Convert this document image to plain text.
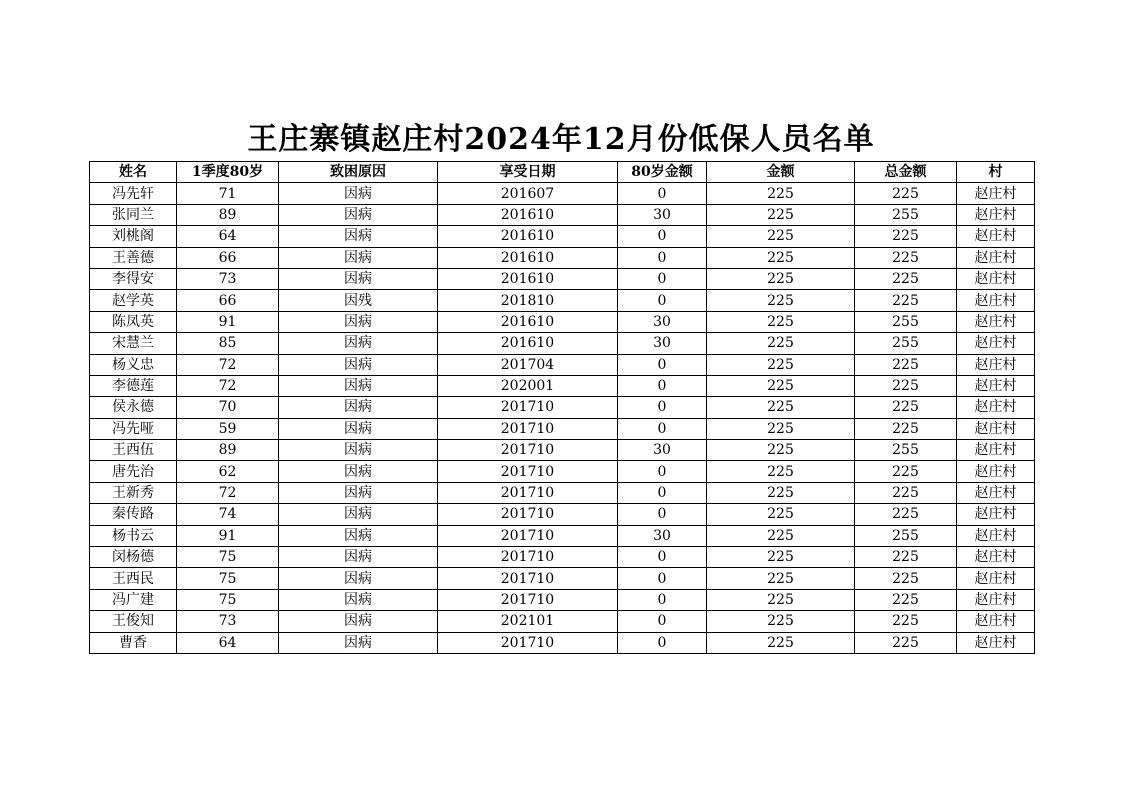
王庄寨镇赵庄村2024年12月份低保人员名单
姓名	1季度80岁	致困原因	享受日期	80岁金额	金额	总金额	村
冯先轩	71	因病	201607	0	225	225	赵庄村
张同兰	89	因病	201610	30	225	255	赵庄村
刘桃阁	64	因病	201610	0	225	225	赵庄村
王善德	66	因病	201610	0	225	225	赵庄村
李得安	73	因病	201610	0	225	225	赵庄村
赵学英	66	因残	201810	0	225	225	赵庄村
陈凤英	91	因病	201610	30	225	255	赵庄村
宋慧兰	85	因病	201610	30	225	255	赵庄村
杨义忠	72	因病	201704	0	225	225	赵庄村
李德莲	72	因病	202001	0	225	225	赵庄村
侯永德	70	因病	201710	0	225	225	赵庄村
冯先哑	59	因病	201710	0	225	225	赵庄村
王西伍	89	因病	201710	30	225	255	赵庄村
唐先治	62	因病	201710	0	225	225	赵庄村
王新秀	72	因病	201710	0	225	225	赵庄村
秦传路	74	因病	201710	0	225	225	赵庄村
杨书云	91	因病	201710	30	225	255	赵庄村
闵杨德	75	因病	201710	0	225	225	赵庄村
王西民	75	因病	201710	0	225	225	赵庄村
冯广建	75	因病	201710	0	225	225	赵庄村
王俊知	73	因病	202101	0	225	225	赵庄村
曹香	64	因病	201710	0	225	225	赵庄村
